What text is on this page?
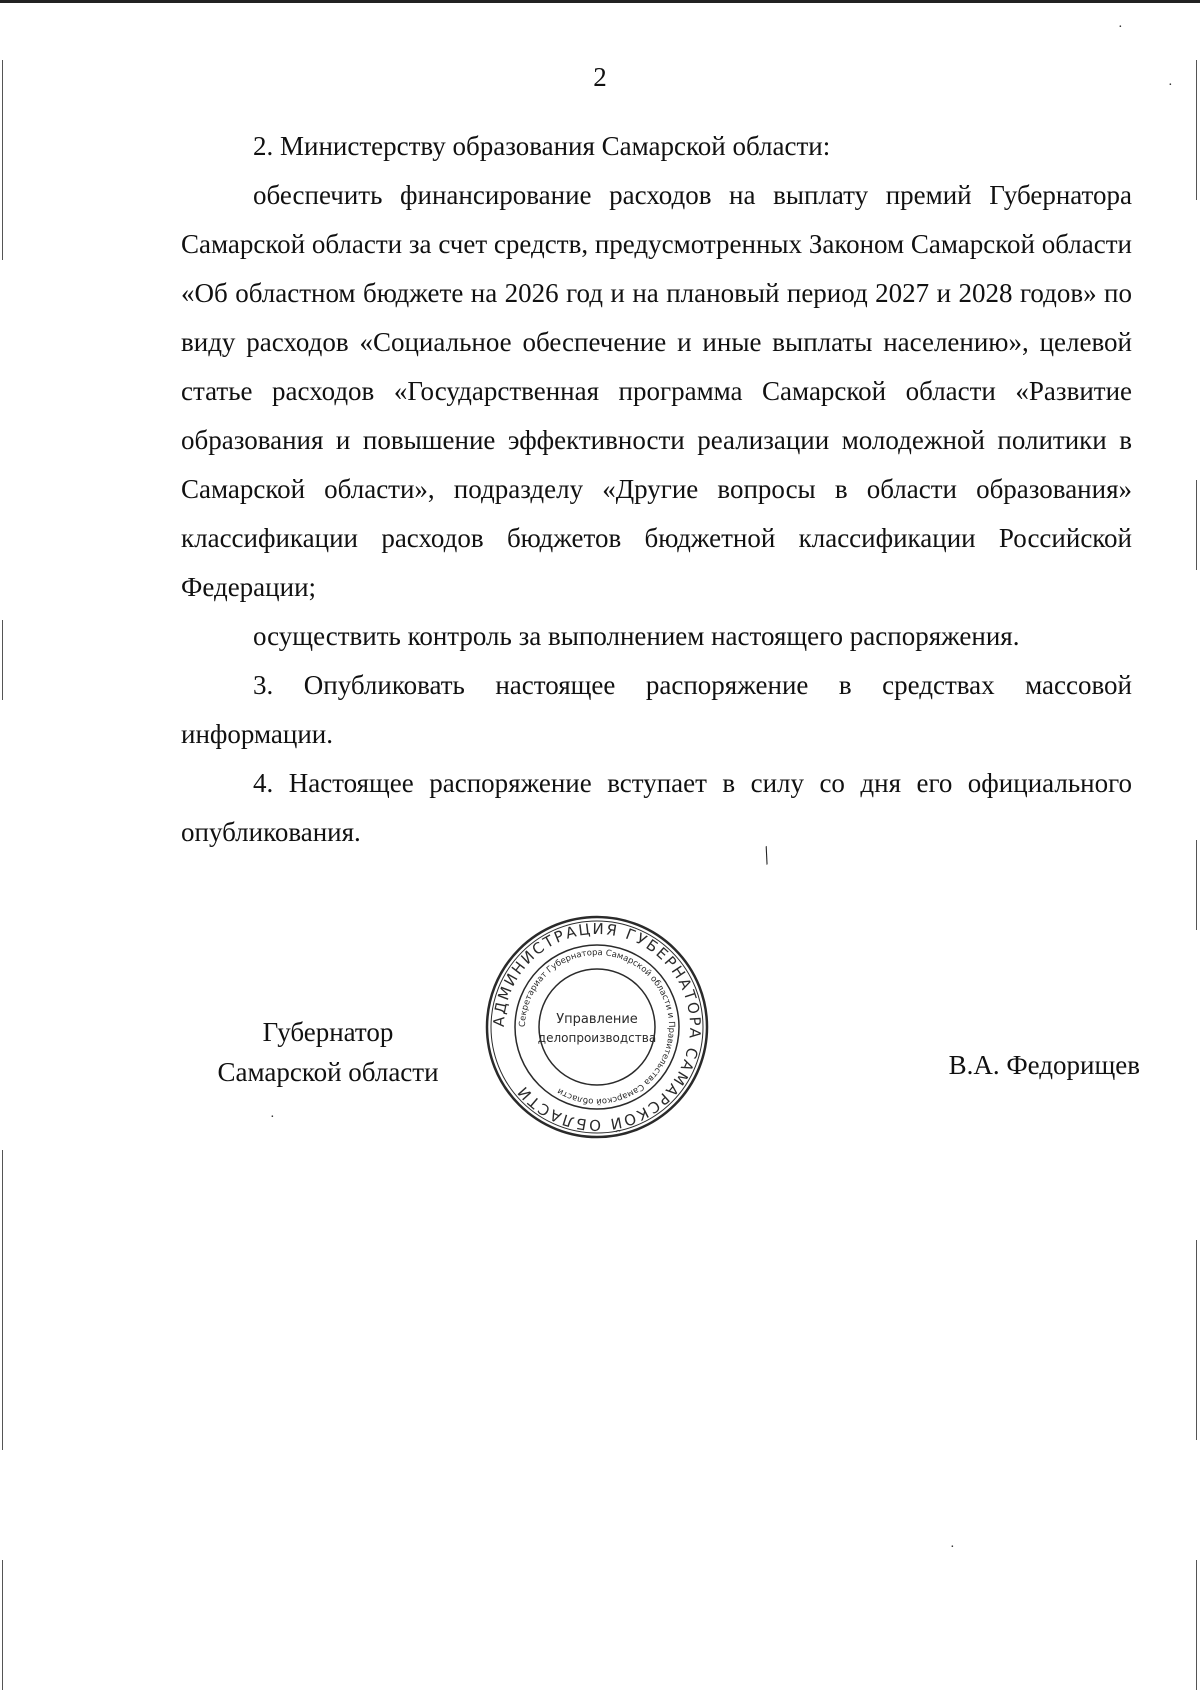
·
·
╱
·
·
2

2. Министерству образования Самарской области:

обеспечить финансирование расходов на выплату премий Губернатора Самарской области за счет средств, предусмотренных Законом Самарской области «Об областном бюджете на 2026 год и на плановый период 2027 и 2028 годов» по виду расходов «Социальное обеспечение и иные выплаты населению», целевой статье расходов «Государственная программа Самарской области «Развитие образования и повышение эффективности реализации молодежной политики в Самарской области», подразделу «Другие вопросы в области образования» классификации расходов бюджетов бюджетной классификации Российской Федерации;

осуществить контроль за выполнением настоящего распоряжения.

3. Опубликовать настоящее распоряжение в средствах массовой информации.

4. Настоящее распоряжение вступает в силу со дня его официального опубликования.

Губернатор
Самарской области
АДМИНИСТРАЦИЯ ГУБЕРНАТОРА САМАРСКОЙ ОБЛАСТИ
Секретариат Губернатора Самарской области и Правительства Самарской области
Управление
делопроизводства
В.А. Федорищев
